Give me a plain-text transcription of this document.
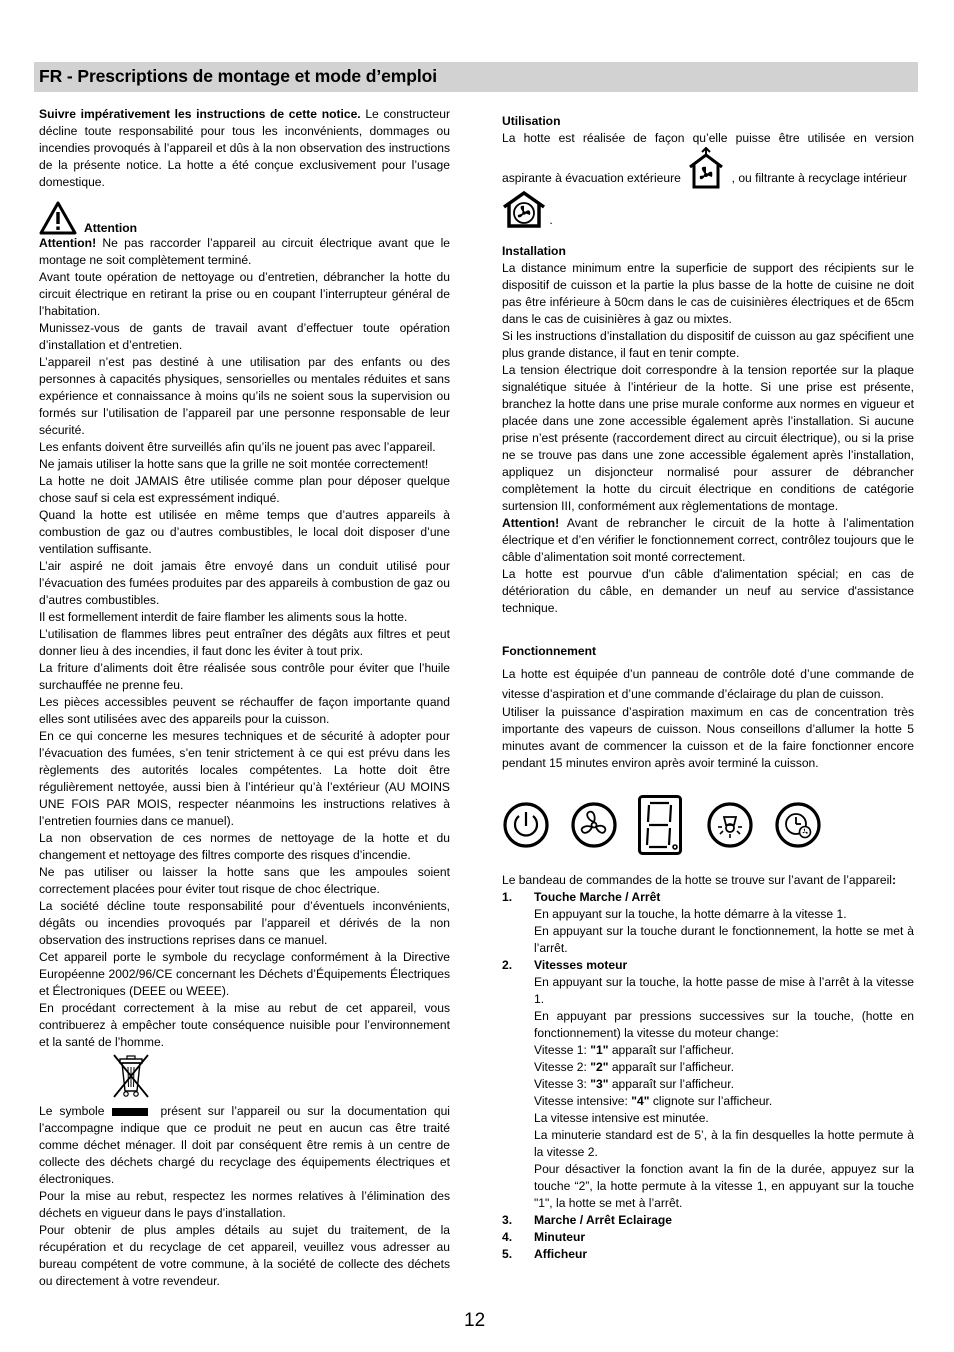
FR - Prescriptions de montage et mode d’emploi

Suivre impérativement les instructions de cette notice. Le constructeur décline toute responsabilité pour tous les inconvénients, dommages ou incendies provoqués à l’appareil et dûs à la non observation des instructions de la présente notice. La hotte a été conçue exclusivement pour l’usage domestique.

Attention

Attention! Ne pas raccorder l’appareil au circuit électrique avant que le montage ne soit complètement terminé.

Avant toute opération de nettoyage ou d’entretien, débrancher la hotte du circuit électrique en retirant la prise ou en coupant l’interrupteur général de l’habitation.

Munissez-vous de gants de travail avant d’effectuer toute opération d’installation et d’entretien.

L’appareil n’est pas destiné à une utilisation par des enfants ou des personnes à capacités physiques, sensorielles ou mentales réduites et sans expérience et connaissance à moins qu’ils ne soient sous la supervision ou formés sur l’utilisation de l’appareil par une personne responsable de leur sécurité.

Les enfants doivent être surveillés afin qu’ils ne jouent pas avec l’appareil.

Ne jamais utiliser la hotte sans que la grille ne soit montée correctement!

La hotte ne doit JAMAIS être utilisée comme plan pour déposer quelque chose sauf si cela est expressément indiqué.

Quand la hotte est utilisée en même temps que d’autres appareils à combustion de gaz ou d’autres combustibles, le local doit disposer d’une ventilation suffisante.

L’air aspiré ne doit jamais être envoyé dans un conduit utilisé pour l’évacuation des fumées produites par des appareils à combustion de gaz ou d’autres combustibles.

Il est formellement interdit de faire flamber les aliments sous la hotte.

L’utilisation de flammes libres peut entraîner des dégâts aux filtres et peut donner lieu à des incendies, il faut donc les éviter à tout prix.

La friture d’aliments doit être réalisée sous contrôle pour éviter que l’huile surchauffée ne prenne feu.

Les pièces accessibles peuvent se réchauffer de façon importante quand elles sont utilisées avec des appareils pour la cuisson.

En ce qui concerne les mesures techniques et de sécurité à adopter pour l’évacuation des fumées, s’en tenir strictement à ce qui est prévu dans les règlements des autorités locales compétentes. La hotte doit être régulièrement nettoyée, aussi bien à l’intérieur qu’à l’extérieur (AU MOINS UNE FOIS PAR MOIS, respecter néanmoins les instructions relatives à l’entretien fournies dans ce manuel).

La non observation de ces normes de nettoyage de la hotte et du changement et nettoyage des filtres comporte des risques d’incendie.

Ne pas utiliser ou laisser la hotte sans que les ampoules soient correctement placées pour éviter tout risque de choc électrique.

La société décline toute responsabilité pour d’éventuels inconvénients, dégâts ou incendies provoqués par l’appareil et dérivés de la non observation des instructions reprises dans ce manuel.

Cet appareil porte le symbole du recyclage conformément à la Directive Européenne 2002/96/CE concernant les Déchets d’Équipements Électriques et Électroniques (DEEE ou WEEE).

En procédant correctement à la mise au rebut de cet appareil, vous contribuerez à empêcher toute conséquence nuisible pour l’environnement et la santé de l’homme.

Le symbole	présent sur l’appareil ou sur la documentation qui l’accompagne indique que ce produit ne peut en aucun cas être traité comme déchet ménager. Il doit par conséquent être remis à un centre de collecte des déchets chargé du recyclage des équipements électriques et électroniques.

Pour la mise au rebut, respectez les normes relatives à l’élimination des déchets en vigueur dans le pays d’installation.

Pour obtenir de plus amples détails au sujet du traitement, de la récupération et du recyclage de cet appareil, veuillez vous adresser au bureau compétent de votre commune, à la société de collecte des déchets ou directement à votre revendeur.

Utilisation

La hotte est réalisée de façon qu’elle puisse être utilisée en version aspirante à évacuation extérieure	, ou filtrante à recyclage intérieur

.

Installation

La distance minimum entre la superficie de support des récipients sur le dispositif de cuisson et la partie la plus basse de la hotte de cuisine ne doit pas être inférieure à 50cm dans le cas de cuisinières électriques et de 65cm dans le cas de cuisinières à gaz ou mixtes.

Si les instructions d’installation du dispositif de cuisson au gaz spécifient une plus grande distance, il faut en tenir compte.

La tension électrique doit correspondre à la tension reportée sur la plaque signalétique située à l’intérieur de la hotte. Si une prise est présente, branchez la hotte dans une prise murale conforme aux normes en vigueur et placée dans une zone accessible également après l’installation. Si aucune prise n’est présente (raccordement direct au circuit électrique), ou si la prise ne se trouve pas dans une zone accessible également après l’installation, appliquez un disjoncteur normalisé pour assurer de débrancher complètement la hotte du circuit électrique en conditions de catégorie surtension III, conformément aux règlementations de montage.

Attention! Avant de rebrancher le circuit de la hotte à l’alimentation électrique et d’en vérifier le fonctionnement correct, contrôlez toujours que le câble d’alimentation soit monté correctement.

La hotte est pourvue d'un câble d'alimentation spécial; en cas de détérioration du câble, en demander un neuf au service d'assistance technique.

Fonctionnement

La hotte est équipée d’un panneau de contrôle doté d’une commande de vitesse d’aspiration et d’une commande d’éclairage du plan de cuisson.

Utiliser la puissance d’aspiration maximum en cas de concentration très importante des vapeurs de cuisson. Nous conseillons d’allumer la hotte 5 minutes avant de commencer la cuisson et de la faire fonctionner encore pendant 15 minutes environ après avoir terminé la cuisson.

Le bandeau de commandes de la hotte se trouve sur l’avant de l’appareil:

1.	Touche Marche / Arrêt

En appuyant sur la touche, la hotte démarre à la vitesse 1.

En appuyant sur la touche durant le fonctionnement, la hotte se met à l’arrêt.

2.	Vitesses moteur

En appuyant sur la touche, la hotte passe de mise à l’arrêt à la vitesse 1.

En appuyant par pressions successives sur la touche, (hotte en fonctionnement) la vitesse du moteur change:

Vitesse 1: "1" apparaît sur l’afficheur.

Vitesse 2: "2" apparaît sur l’afficheur.

Vitesse 3: "3" apparaît sur l’afficheur.

Vitesse intensive: "4" clignote sur l’afficheur.

La vitesse intensive est minutée.

La minuterie standard est de 5’, à la fin desquelles la hotte permute à la vitesse 2.

Pour désactiver la fonction avant la fin de la durée, appuyez sur la touche “2”, la hotte permute à la vitesse 1, en appuyant sur la touche "1", la hotte se met à l’arrêt.

3.	Marche / Arrêt Eclairage
4.	Minuteur
5.	Afficheur
12
